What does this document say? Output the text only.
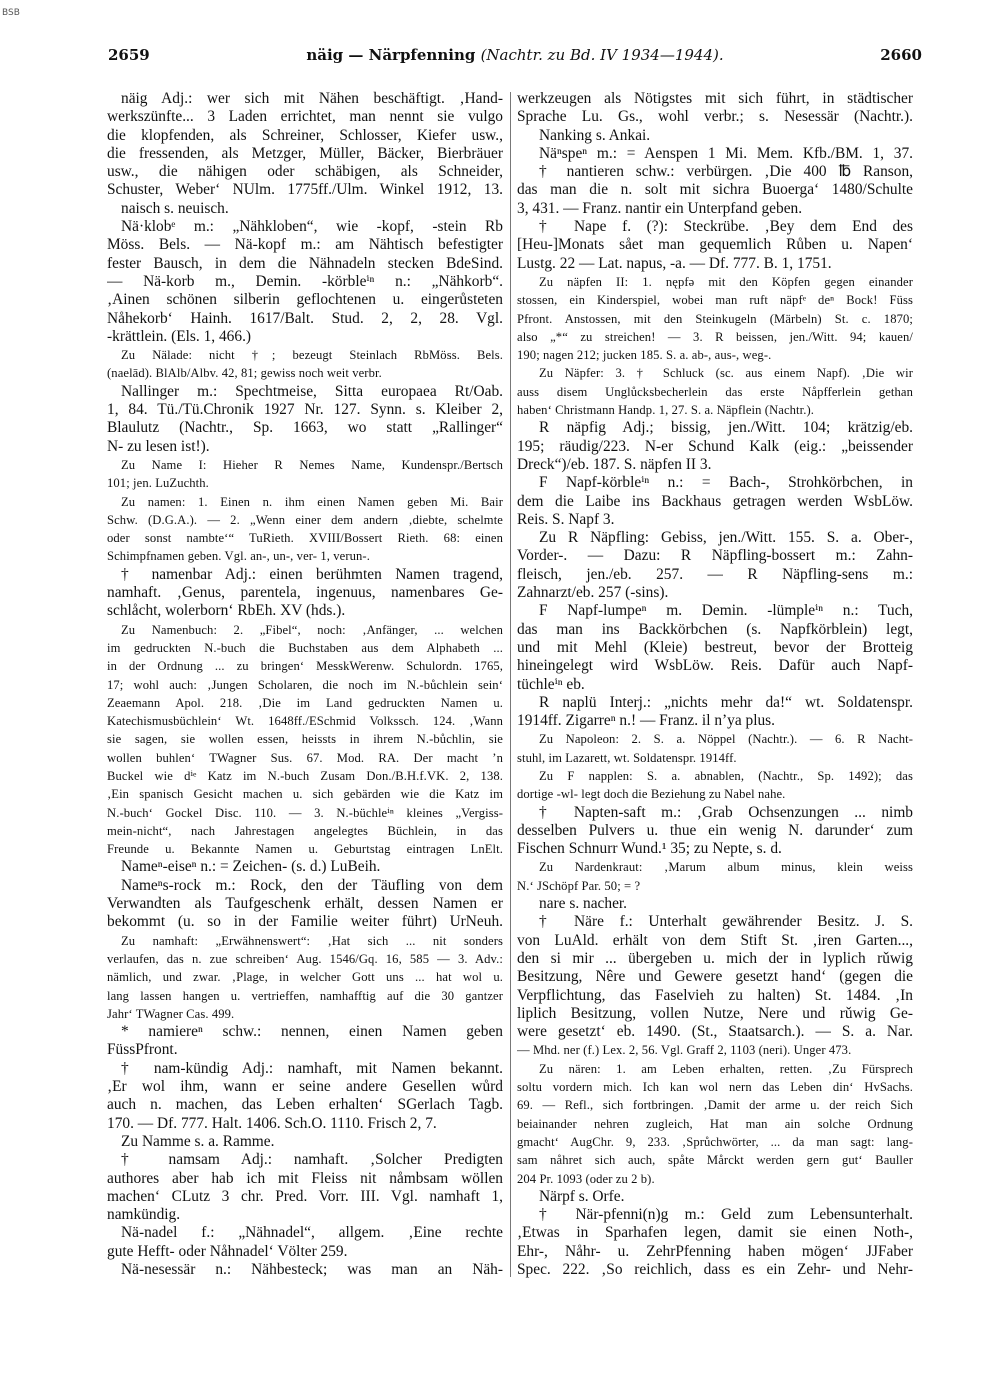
BSB
2659	näig — Närpfenning (Nachtr. zu Bd. IV 1934—1944).	2660
näig Adj.: wer sich mit Nähen beschäftigt. ‚Hand-
werkszünfte... 3 Laden errichtet, man nennt sie vulgo
die klopfenden, als Schreiner, Schlosser, Kiefer usw.,
die fressenden, als Metzger, Müller, Bäcker, Bierbräuer
usw., die nähigen oder schäbigen, als Schneider,
Schuster, Weber‘ NUlm. 1775ff./Ulm. Winkel 1912, 13.
naisch s. neuisch.
Nä·klobᵉ m.: „Nähkloben“, wie -kopf, -stein Rb
Möss. Bels. — Nä-kopf m.: am Nähtisch befestigter
fester Bausch, in dem die Nähnadeln stecken BdeSind.
— Nä-korb m., Demin. -körbleⁱⁿ n.: „Nähkorb“.
‚Ainen schönen silberin geflochtenen u. eingerůsteten
Nåhekorb‘ Hainh. 1617/Balt. Stud. 2, 2, 28. Vgl.
-krättlein. (Els. 1, 466.)
Zu Nälade: nicht †; bezeugt Steinlach RbMöss. Bels.
(naelād). BlAlb/Albv. 42, 81; gewiss noch weit verbr.
Nallinger m.: Spechtmeise, Sitta europaea Rt/Oab.
1, 84. Tü./Tü.Chronik 1927 Nr. 127. Synn. s. Kleiber 2,
Blaulutz (Nachtr., Sp. 1663, wo statt „Rallinger“
N- zu lesen ist!).
Zu Name I: Hieher R Nemes Name, Kundenspr./Bertsch
101; jen. LuZuchth.
Zu namen: 1. Einen n. ihm einen Namen geben Mi. Bair
Schw. (D.G.A.). — 2. „Wenn einer dem andern ‚diebte, schelmte
oder sonst nambte‘“ TuRieth. XVIII/Bossert Rieth. 68: einen
Schimpfnamen geben. Vgl. an-, un-, ver- 1, verun-.
† namenbar Adj.: einen berühmten Namen tragend,
namhaft. ‚Genus, parentela, ingenuus, namenbares Ge-
schlåcht, wolerborn‘ RbEh. XV (hds.).
Zu Namenbuch: 2. „Fibel“, noch: ‚Anfänger, ... welchen
im gedruckten N.-buch die Buchstaben aus dem Alphabeth ...
in der Ordnung ... zu bringen‘ MesskWerenw. Schulordn. 1765,
17; wohl auch: ‚Jungen Scholaren, die noch im N.-bůchlein sein‘
Zeaemann Apol. 218. ‚Die im Land gedruckten Namen u.
Katechismusbüchlein‘ Wt. 1648ff./ESchmid Volkssch. 124. ‚Wann
sie sagen, sie wollen essen, heissts in ihrem N.-bůchlin, sie
wollen buhlen‘ TWagner Sus. 67. Mod. RA. Der macht ’n
Buckel wie dⁱᵉ Katz im N.-buch Zusam Don./B.H.f.VK. 2, 138.
‚Ein spanisch Gesicht machen u. sich gebärden wie die Katz im
N.-buch‘ Gockel Disc. 110. — 3. N.-büchleⁱⁿ kleines „Vergiss-
mein-nicht“, nach Jahrestagen angelegtes Büchlein, in das
Freunde u. Bekannte Namen u. Geburtstag eintragen LnElt.
Nameⁿ-eiseⁿ n.: = Zeichen- (s. d.) LuBeih.
Nameⁿs-rock m.: Rock, den der Täufling von dem
Verwandten als Taufgeschenk erhält, dessen Namen er
bekommt (u. so in der Familie weiter führt) UrNeuh.
Zu namhaft: „Erwähnenswert“: ‚Hat sich ... nit sonders
verlaufen, das n. zue schreiben‘ Aug. 1546/Gq. 16, 585 — 3. Adv.:
nämlich, und zwar. ‚Plage, in welcher Gott uns ... hat wol u.
lang lassen hangen u. vertrieffen, namhafftig auf die 30 gantzer
Jahr‘ TWagner Cas. 499.
* namiereⁿ schw.: nennen, einen Namen geben
FüssPfront.
† nam-kündig Adj.: namhaft, mit Namen bekannt.
‚Er wol ihm, wann er seine andere Gesellen wůrd
auch n. machen, das Leben erhalten‘ SGerlach Tagb.
170. — Df. 777. Halt. 1406. Sch.O. 1110. Frisch 2, 7.
Zu Namme s. a. Ramme.
† namsam Adj.: namhaft. ‚Solcher Predigten
authores aber hab ich mit Fleiss nit nåmbsam wöllen
machen‘ CLutz 3 chr. Pred. Vorr. III. Vgl. namhaft 1,
namkündig.
Nä-nadel f.: „Nähnadel“, allgem. ‚Eine rechte
gute Hefft- oder Nåhnadel‘ Völter 259.
Nä-nesessär n.: Nähbesteck; was man an Näh-
werkzeugen als Nötigstes mit sich führt, in städtischer
Sprache Lu. Gs., wohl verbr.; s. Nesessär (Nachtr.).
Nanking s. Ankai.
Näⁿspeⁿ m.: = Aenspen 1 Mi. Mem. Kfb./BM. 1, 37.
† nantieren schw.: verbürgen. ‚Die 400 ℔ Ranson,
das man die n. solt mit sichra Buoerga‘ 1480/Schulte
3, 431. — Franz. nantir ein Unterpfand geben.
† Nape f. (?): Steckrübe. ‚Bey dem End des
[Heu-]Monats sået man gequemlich Růben u. Napen‘
Lustg. 22 — Lat. napus, -a. — Df. 777. B. 1, 1751.
Zu näpfen II: 1. nępfə mit den Köpfen gegen einander
stossen, ein Kinderspiel, wobei man ruft näpfᵉ deⁿ Bock! Füss
Pfront. Anstossen, mit den Steinkugeln (Märbeln) St. c. 1870;
also „*“ zu streichen! — 3. R beissen, jen./Witt. 94; kauen/
190; nagen 212; jucken 185. S. a. ab-, aus-, weg-.
Zu Näpfer: 3. † Schluck (sc. aus einem Napf). ‚Die wir
auss disem Unglůcksbecherlein das erste Nåpfferlein gethan
haben‘ Christmann Handp. 1, 27. S. a. Näpflein (Nachtr.).
R näpfig Adj.; bissig, jen./Witt. 104; krätzig/eb.
195; räudig/223. N-er Schund Kalk (eig.: „beissender
Dreck“)/eb. 187. S. näpfen II 3.
F Napf-körbleⁱⁿ n.: = Bach-, Strohkörbchen, in
dem die Laibe ins Backhaus getragen werden WsbLöw.
Reis. S. Napf 3.
Zu R Näpfling: Gebiss, jen./Witt. 155. S. a. Ober-,
Vorder-. — Dazu: R Näpfling-bossert m.: Zahn-
fleisch, jen./eb. 257. — R Näpfling-sens m.:
Zahnarzt/eb. 257 (-sins).
F Napf-lumpeⁿ m. Demin. -lümpleⁱⁿ n.: Tuch,
das man ins Backkörbchen (s. Napfkörblein) legt,
und mit Mehl (Kleie) bestreut, bevor der Brotteig
hineingelegt wird WsbLöw. Reis. Dafür auch Napf-
tüchleⁱⁿ eb.
R naplü Interj.: „nichts mehr da!“ wt. Soldatenspr.
1914ff. Zigarreⁿ n.! — Franz. il n’ya plus.
Zu Napoleon: 2. S. a. Nöppel (Nachtr.). — 6. R Nacht-
stuhl, im Lazarett, wt. Soldatenspr. 1914ff.
Zu F napplen: S. a. abnablen, (Nachtr., Sp. 1492); das
dortige -wl- legt doch die Beziehung zu Nabel nahe.
† Napten-saft m.: ‚Grab Ochsenzungen ... nimb
desselben Pulvers u. thue ein wenig N. darunder‘ zum
Fischen Schnurr Wund.¹ 35; zu Nepte, s. d.
Zu Nardenkraut: ‚Marum album minus, klein weiss
N.‘ JSchöpf Par. 50; = ?
nare s. nacher.
† Näre f.: Unterhalt gewährender Besitz. J. S.
von LuAld. erhält von dem Stift St. ‚iren Garten...,
den si mir ... übergeben u. mich der in lyplich rǔwig
Besitzung, Nêre und Gewere gesetzt hand‘ (gegen die
Verpflichtung, das Faselvieh zu halten) St. 1484. ‚In
liplich Besitzung, vollen Nutze, Nere und rǔwig Ge-
were gesetzt‘ eb. 1490. (St., Staatsarch.). — S. a. Nar.
— Mhd. ner (f.) Lex. 2, 56. Vgl. Graff 2, 1103 (neri). Unger 473.
Zu nären: 1. am Leben erhalten, retten. ‚Zu Fürsprech
soltu vordern mich. Ich kan wol nern das Leben din‘ HvSachs.
69. — Refl., sich fortbringen. ‚Damit der arme u. der reich Sich
beiainander nehren zugleich, Hat man ain solche Ordnung
gmacht‘ AugChr. 9, 233. ‚Sprůchwörter, ... da man sagt: lang-
sam nåhret sich auch, spåte Mårckt werden gern gut‘ Bauller
204 Pr. 1093 (oder zu 2 b).
Närpf s. Orfe.
† När-pfenni(n)g m.: Geld zum Lebensunterhalt.
‚Etwas in Sparhafen legen, damit sie einen Noth-,
Ehr-, Nåhr- u. ZehrPfenning haben mögen‘ JJFaber
Spec. 222. ‚So reichlich, dass es ein Zehr- und Nehr-
